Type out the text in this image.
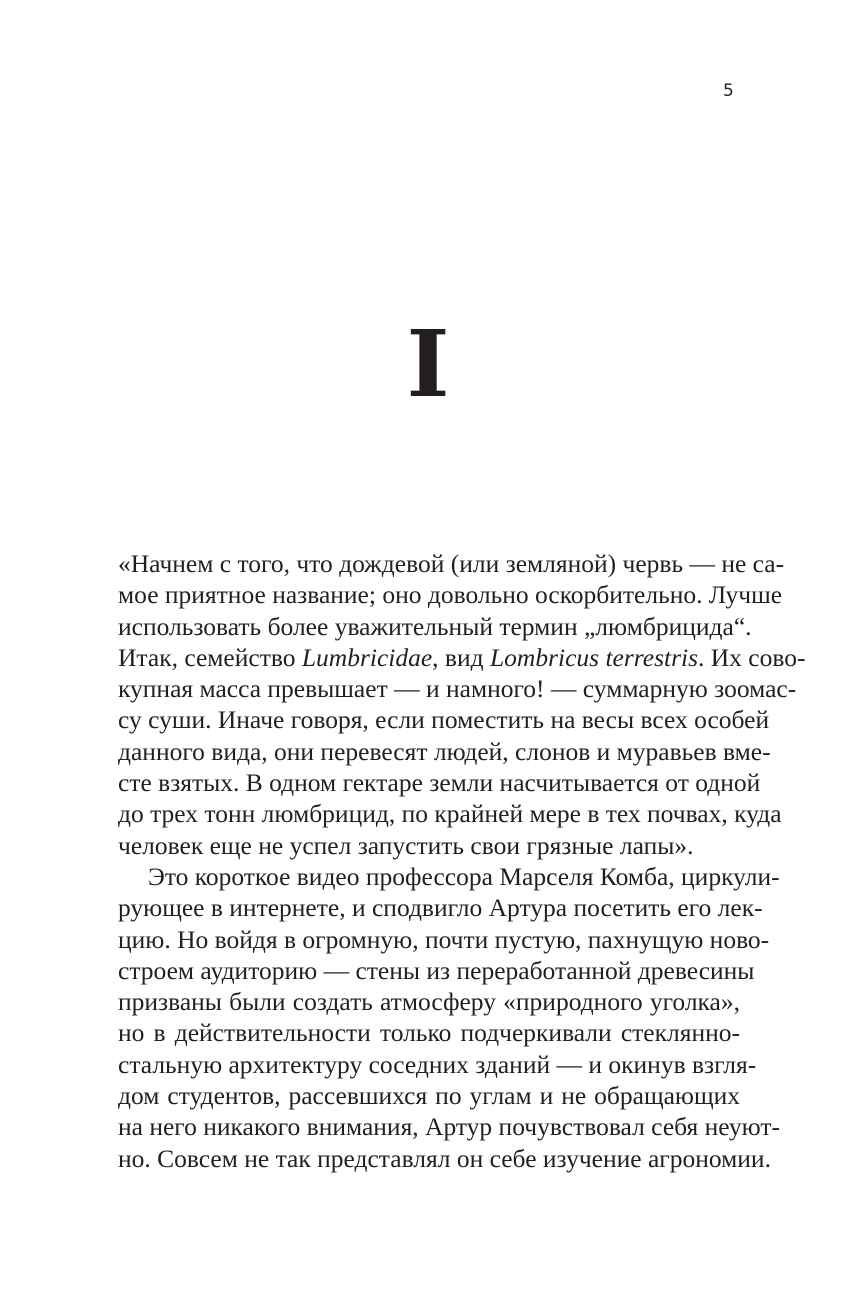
5
I
«Начнем с того, что дождевой (или земляной) червь — не са-
мое приятное название; оно довольно оскорбительно. Лучше
использовать более уважительный термин „люмбрицида“.
Итак, семейство Lumbricidae, вид Lombricus terrestris. Их сово-
купная масса превышает — и намного! — суммарную зоомас-
су суши. Иначе говоря, если поместить на весы всех особей
данного вида, они перевесят людей, слонов и муравьев вме-
сте взятых. В одном гектаре земли насчитывается от одной
до трех тонн люмбрицид, по крайней мере в тех почвах, куда
человек еще не успел запустить свои грязные лапы».
Это короткое видео профессора Марселя Комба, циркули-
рующее в интернете, и сподвигло Артура посетить его лек-
цию. Но войдя в огромную, почти пустую, пахнущую ново-
строем аудиторию — стены из переработанной древесины
призваны были создать атмосферу «природного уголка»,
но в действительности только подчеркивали стеклянно-
стальную архитектуру соседних зданий — и окинув взгля-
дом студентов, рассевшихся по углам и не обращающих
на него никакого внимания, Артур почувствовал себя неуют-
но. Совсем не так представлял он себе изучение агрономии.
